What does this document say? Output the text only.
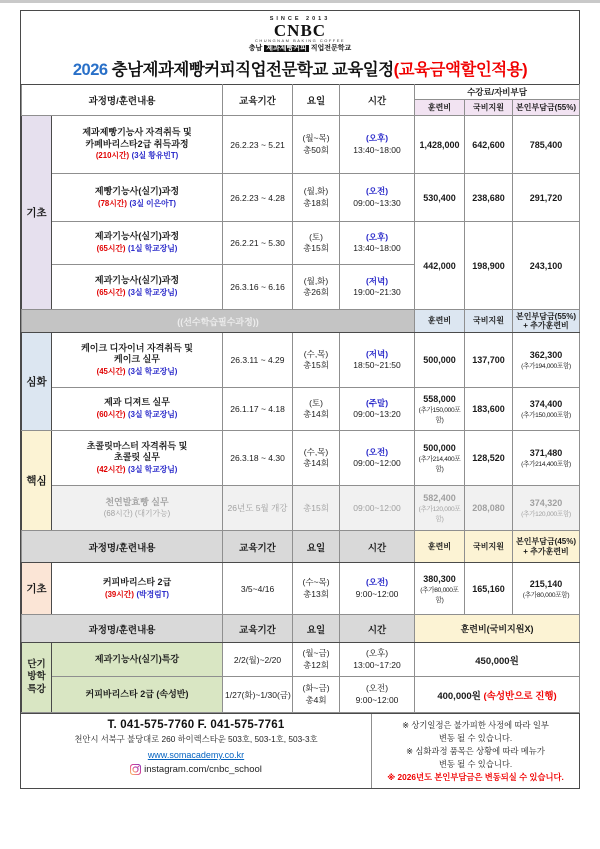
SINCE 2013
CNBC
CHUNGNAM BAKING COFFEE
충남 제과제빵커피 직업전문학교
2026 충남제과제빵커피직업전문학교 교육일정(교육금액할인적용)
과정명/훈련내용		교육기간	요일	시간	수강료/자비부담		
					훈련비	국비지원	본인부담금(55%)
기초	
제과제빵기능사 자격취득 및
카페바리스타2급 취득과정
(210시간) (3실 황유빈T)
	26.2.23 ~ 5.21	
(월~목)
총50회

(오후)
13:40~18:00	1,428,000	642,600	785,400

제빵기능사(실기)과정
(78시간) (3실 이은아T)
	26.2.23 ~ 4.28	
(월,화)
총18회

(오전)
09:00~13:30	530,400	238,680	291,720

제과기능사(실기)과정
(65시간) (1실 학교장님)
	26.2.21 ~ 5.30	
(토)
총15회

(오후)
13:40~18:00
	442,000	198,900	243,100

제과기능사(실기)과정
(65시간) (3실 학교장님)
	26.3.16 ~ 6.16	
(월,화)
총26회

(저녁)
19:00~21:30

((선수학습필수과정))					훈련비	국비지원	본인부담금(55%) + 추가훈련비
심화	
케이크 디자이너 자격취득 및
케이크 실무
(45시간) (3실 학교장님)
	26.3.11 ~ 4.29	
(수,목)
총15회

(저녁)
18:50~21:50	500,000	137,700	362,300
(추가194,000포함)

제과 디져트 실무
(60시간) (3실 학교장님)
	26.1.17 ~ 4.18	
(토)
총14회

(주말)
09:00~13:20
	558,000
(추가150,000포함)
	183,600	374,400
(추가150,000포함)

핵심	
초콜릿마스터 자격취득 및
초콜릿 실무
(42시간) (3실 학교장님)
	26.3.18 ~ 4.30	
(수,목)
총14회

(오전)
09:00~12:00
	500,000
(추가214,400포함)
	128,520	371,480
(추가214,400포함)

천연발효빵 실무
(68시간) (대기가능)
	26년도 5월 개강	총15회	09:00~12:00	582,400
(추가120,000포함)
	208,080	374,320
(추가120,000포함)

과정명/훈련내용		교육기간	요일	시간	훈련비	국비지원	본인부담금(45%) + 추가훈련비
기초	
커피바리스타 2급
(39시간) (박경림T)
	3/5~4/16	
(수~목)
총13회

(오전)
9:00~12:00
	380,300
(추가80,000포함)
	165,160	215,140
(추가80,000포함)

과정명/훈련내용		교육기간	요일	시간	훈련비(국비지원X)		

단기
방학
특강
	제과기능사(실기)특강	2/2(월)~2/20	
(월~금)
총12회

(오후)
13:00~17:20	450,000원
커피바리스타 2급 (속성반)	1/27(화)~1/30(금)	
(화~금)
총4회

(오전)
9:00~12:00	400,000원 (속성반으로 진행)
T. 041-575-7760 F. 041-575-7761
천안시 서북구 불당대로 260 하이렉스타운 503호, 503-1호, 503-3호
www.somacademy.co.kr
instagram.com/cnbc_school
※ 상기일정은 불가피한 사정에 따라 일부
변동 될 수 있습니다.
※ 심화과정 품목은 상황에 따라 메뉴가
변동 될 수 있습니다.
※ 2026년도 본인부담금은 변동되실 수 있습니다.
